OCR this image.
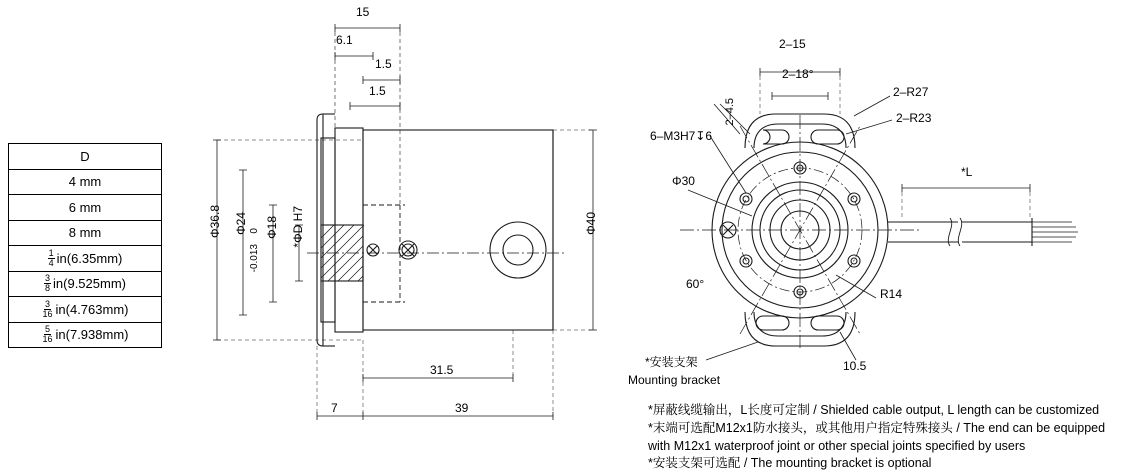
D
4 mm
6 mm
8 mm
$\frac{1}{4} in(6.35mm)$
$\frac{3}{8} in(9.525mm)$
$\frac{3}{16} in(4.763mm)$
$\frac{5}{16} in(7.938mm)$
15
6.1
1.5
1.5
Φ36.8 Φ24 0
-0.013
Φ18 *ΦD H7	Φ40
31.5
7	39
2–15
2–18°
2–4.5
2–R27
2–R23
6–M3H7↧6
Φ30
60°
R14
10.5
*L
*安装支架
Mounting bracket
*屏蔽线缆输出，L长度可定制 / Shielded cable output, L length can be customized
*末端可选配M12x1防水接头，或其他用户指定特殊接头 / The end can be equipped
with M12x1 waterproof joint or other special joints specified by users
*安装支架可选配 / The mounting bracket is optional
